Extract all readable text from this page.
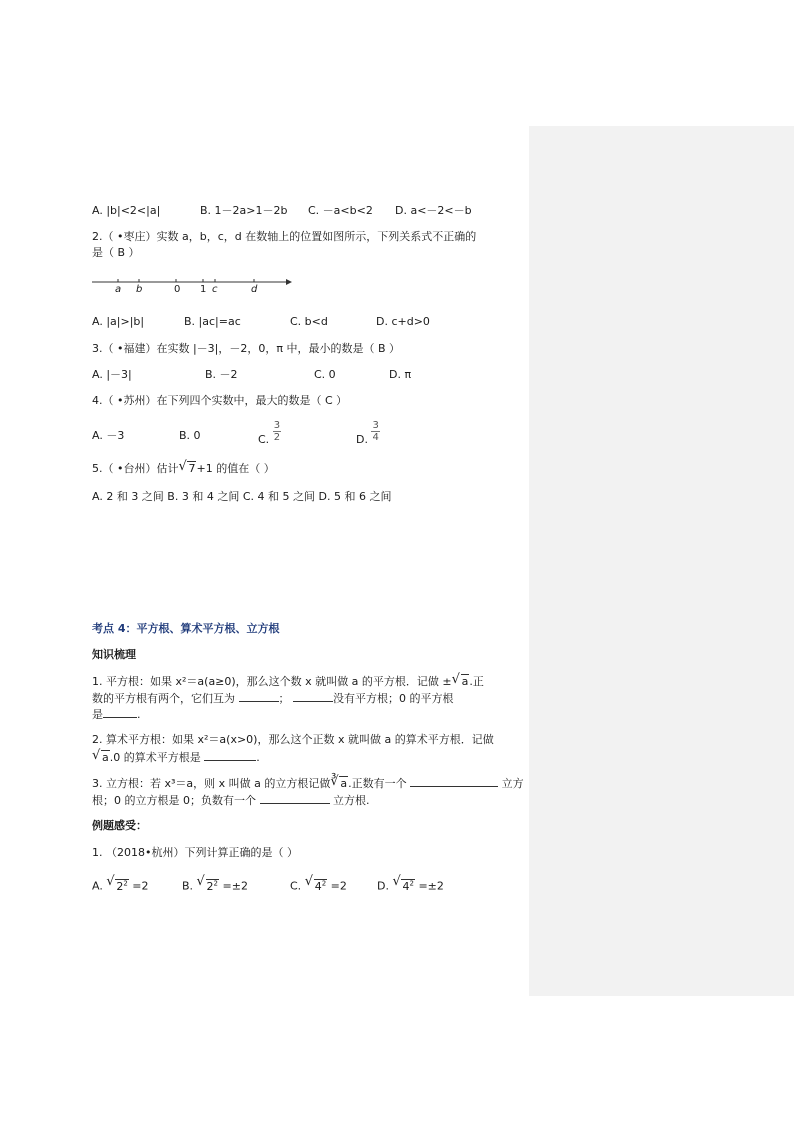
A. |b|<2<|a|	B. 1－2a>1－2b C. －a<b<2 D. a<－2<－b
2.（ •枣庄）实数 a，b，c，d 在数轴上的位置如图所示，下列关系式不正确的
是（ B ）
a b	0 1 c	d
A. |a|>|b|	B. |ac|=ac	C. b<d	D. c+d>0
3.（ •福建）在实数 |－3|，－2，0，π 中，最小的数是（ B ）
A. |－3|	B. －2	C. 0	D. π
4.（ •苏州）在下列四个实数中，最大的数是（ C ）
A. －3	B. 0	C. $\frac{3}{2}$	D. $\frac{3}{4}$
5.（ •台州）估计 √ 7+1 的值在（ ）
A. 2 和 3 之间 B. 3 和 4 之间 C. 4 和 5 之间 D. 5 和 6 之间
考点 4：平方根、算术平方根、立方根
知识梳理
1. 平方根：如果 x²＝a(a≥0)，那么这个数 x 就叫做 a 的平方根．记做 ± √ a.正
数的平方根有两个，它们互为	；	没有平方根；0 的平方根
是	.
2. 算术平方根：如果 x²＝a(x>0)，那么这个正数 x 就叫做 a 的算术平方根．记做
√ a.0 的算术平方根是	.
3. 立方根：若 x³＝a，则 x 叫做 a 的立方根记做 ∛ a.正数有一个	立方
根；0 的立方根是 0；负数有一个	立方根.
例题感受：
1. （2018•杭州）下列计算正确的是（ ）
A. √ $2^2 =2$	B. √ $2^2 =\pm 2$	C. √ $4^2 =2$	D. √ $4^2 =\pm 2$
